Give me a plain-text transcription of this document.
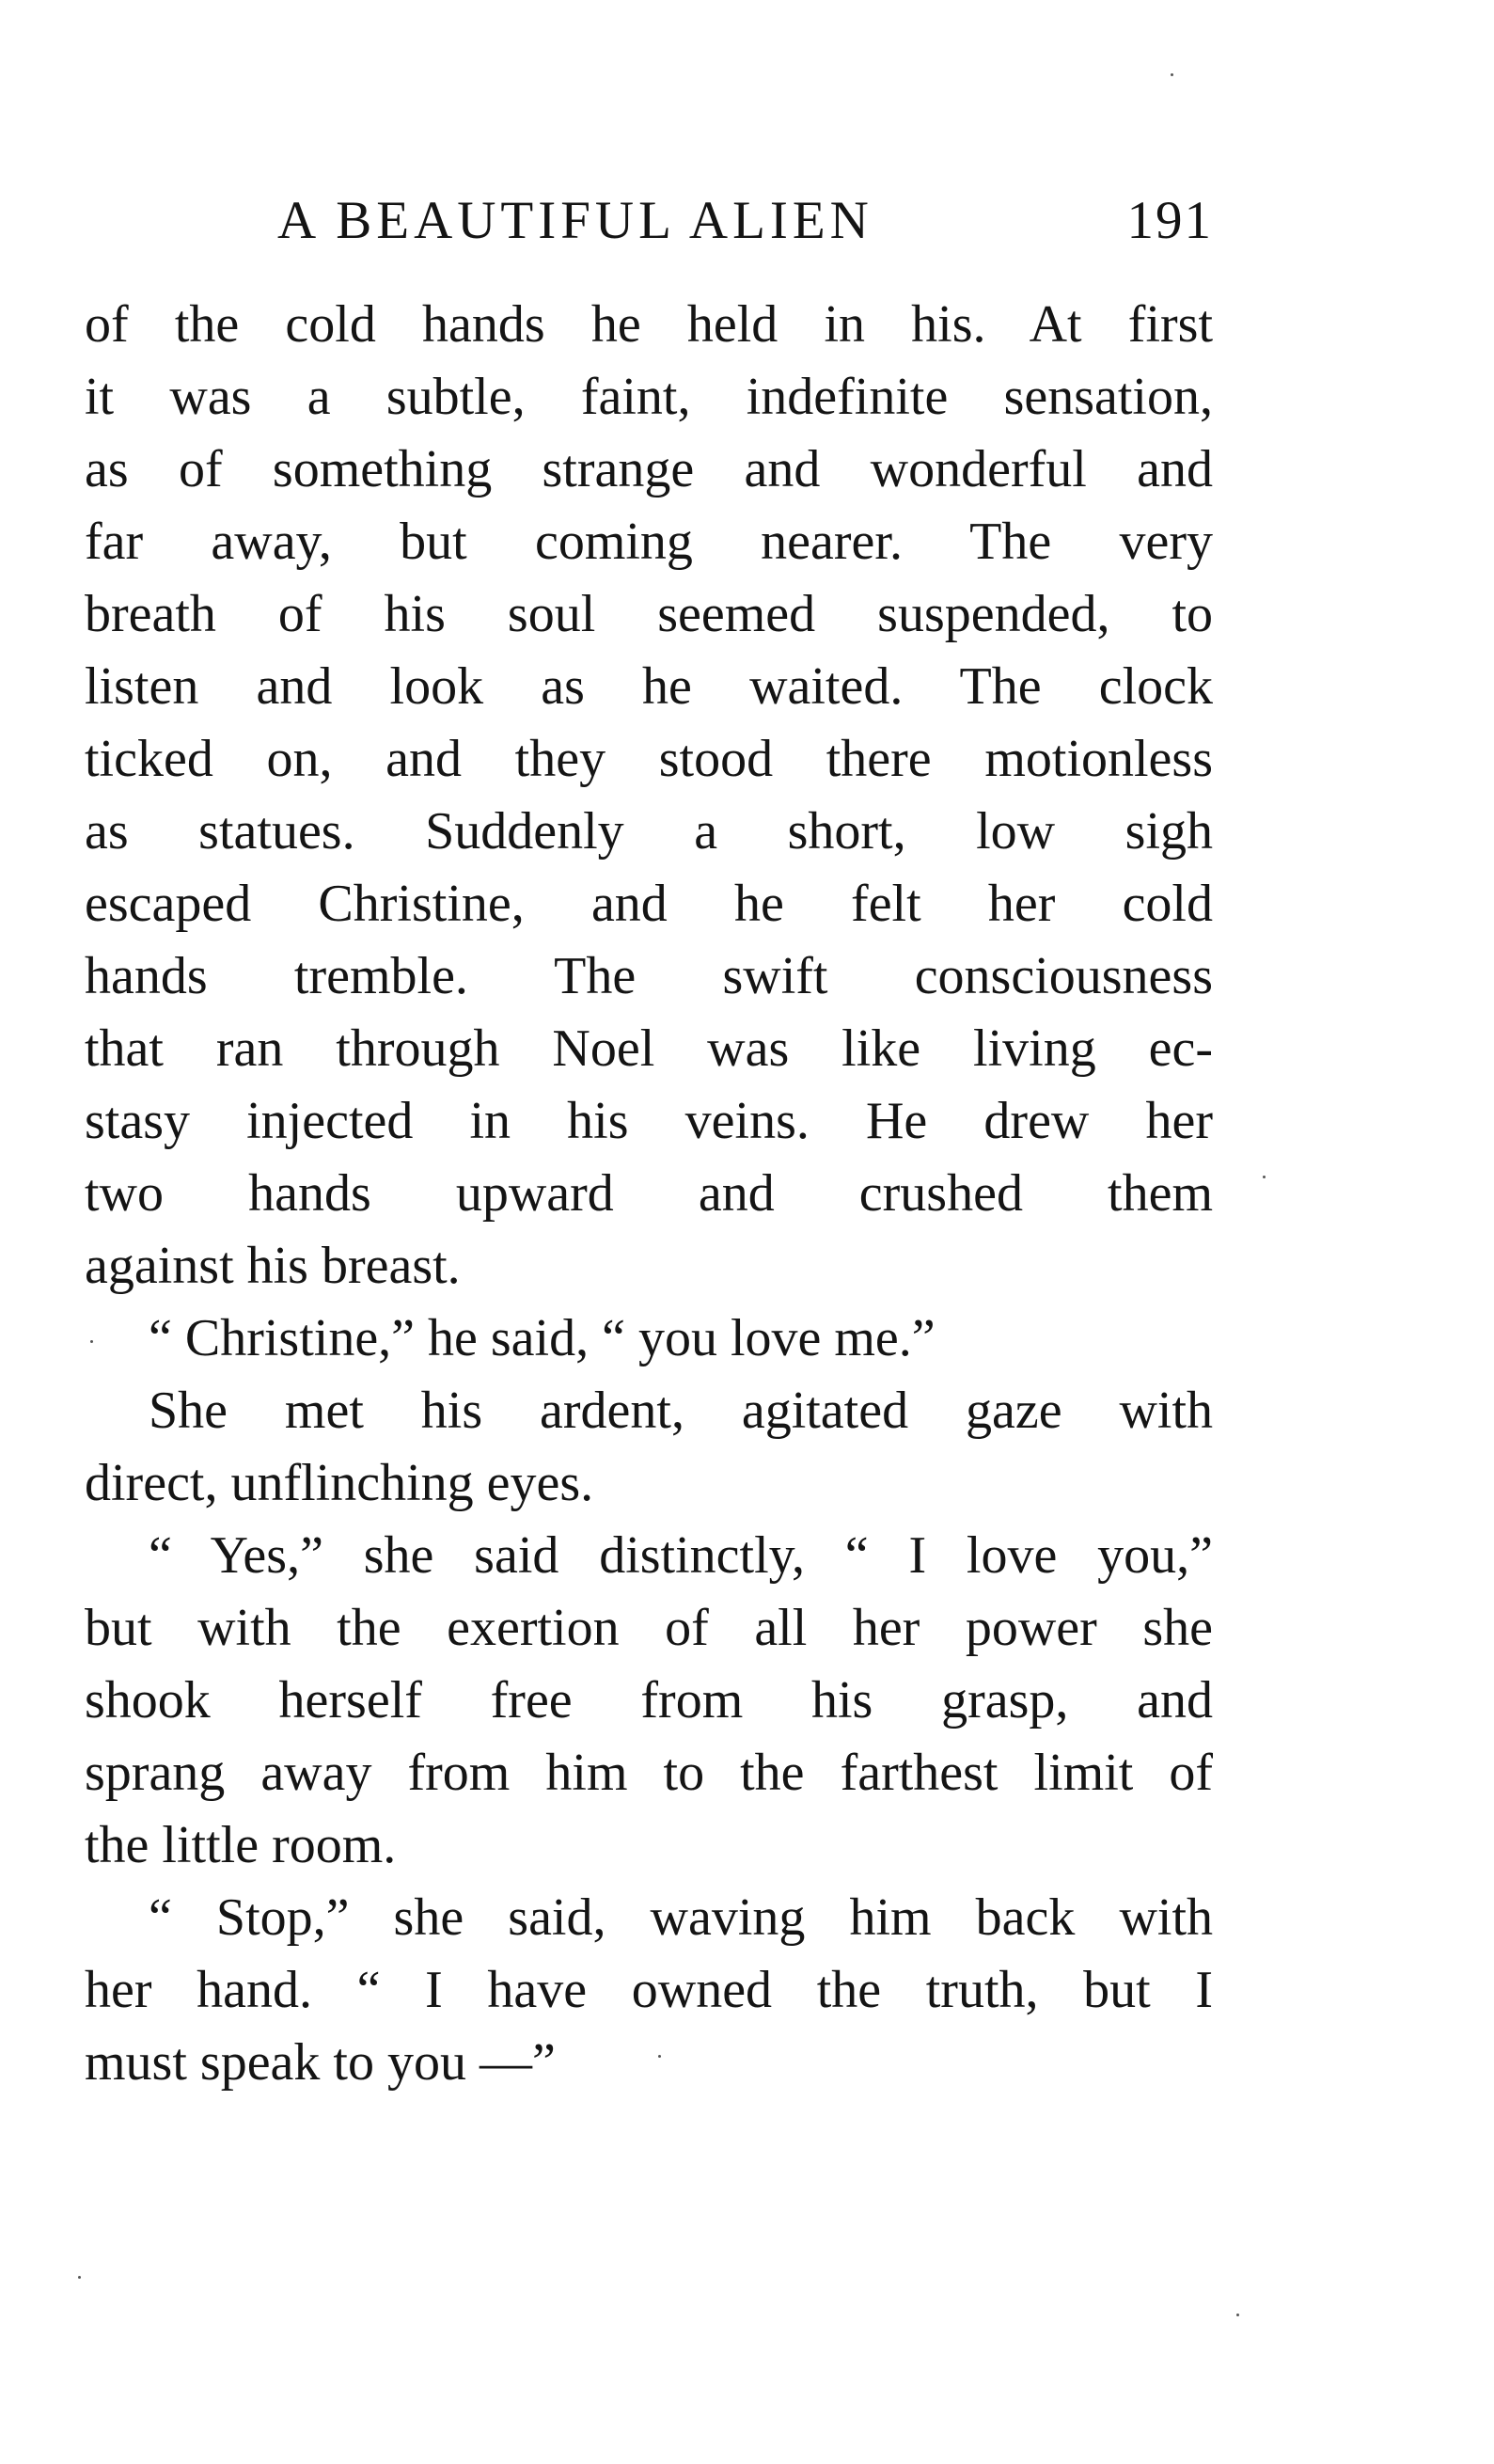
A BEAUTIFUL ALIEN	191
of the cold hands he held in his. At first
it was a subtle, faint, indefinite sensation,
as of something strange and wonderful and
far away, but coming nearer. The very
breath of his soul seemed suspended, to
listen and look as he waited. The clock
ticked on, and they stood there motionless
as statues. Suddenly a short, low sigh
escaped Christine, and he felt her cold
hands tremble. The swift consciousness
that ran through Noel was like living ec-
stasy injected in his veins. He drew her
two hands upward and crushed them
against his breast.
“ Christine,” he said, “ you love me.”
She met his ardent, agitated gaze with
direct, unflinching eyes.
“ Yes,” she said distinctly, “ I love you,”
but with the exertion of all her power she
shook herself free from his grasp, and
sprang away from him to the farthest limit of
the little room.
“ Stop,” she said, waving him back with
her hand. “ I have owned the truth, but I
must speak to you —”
